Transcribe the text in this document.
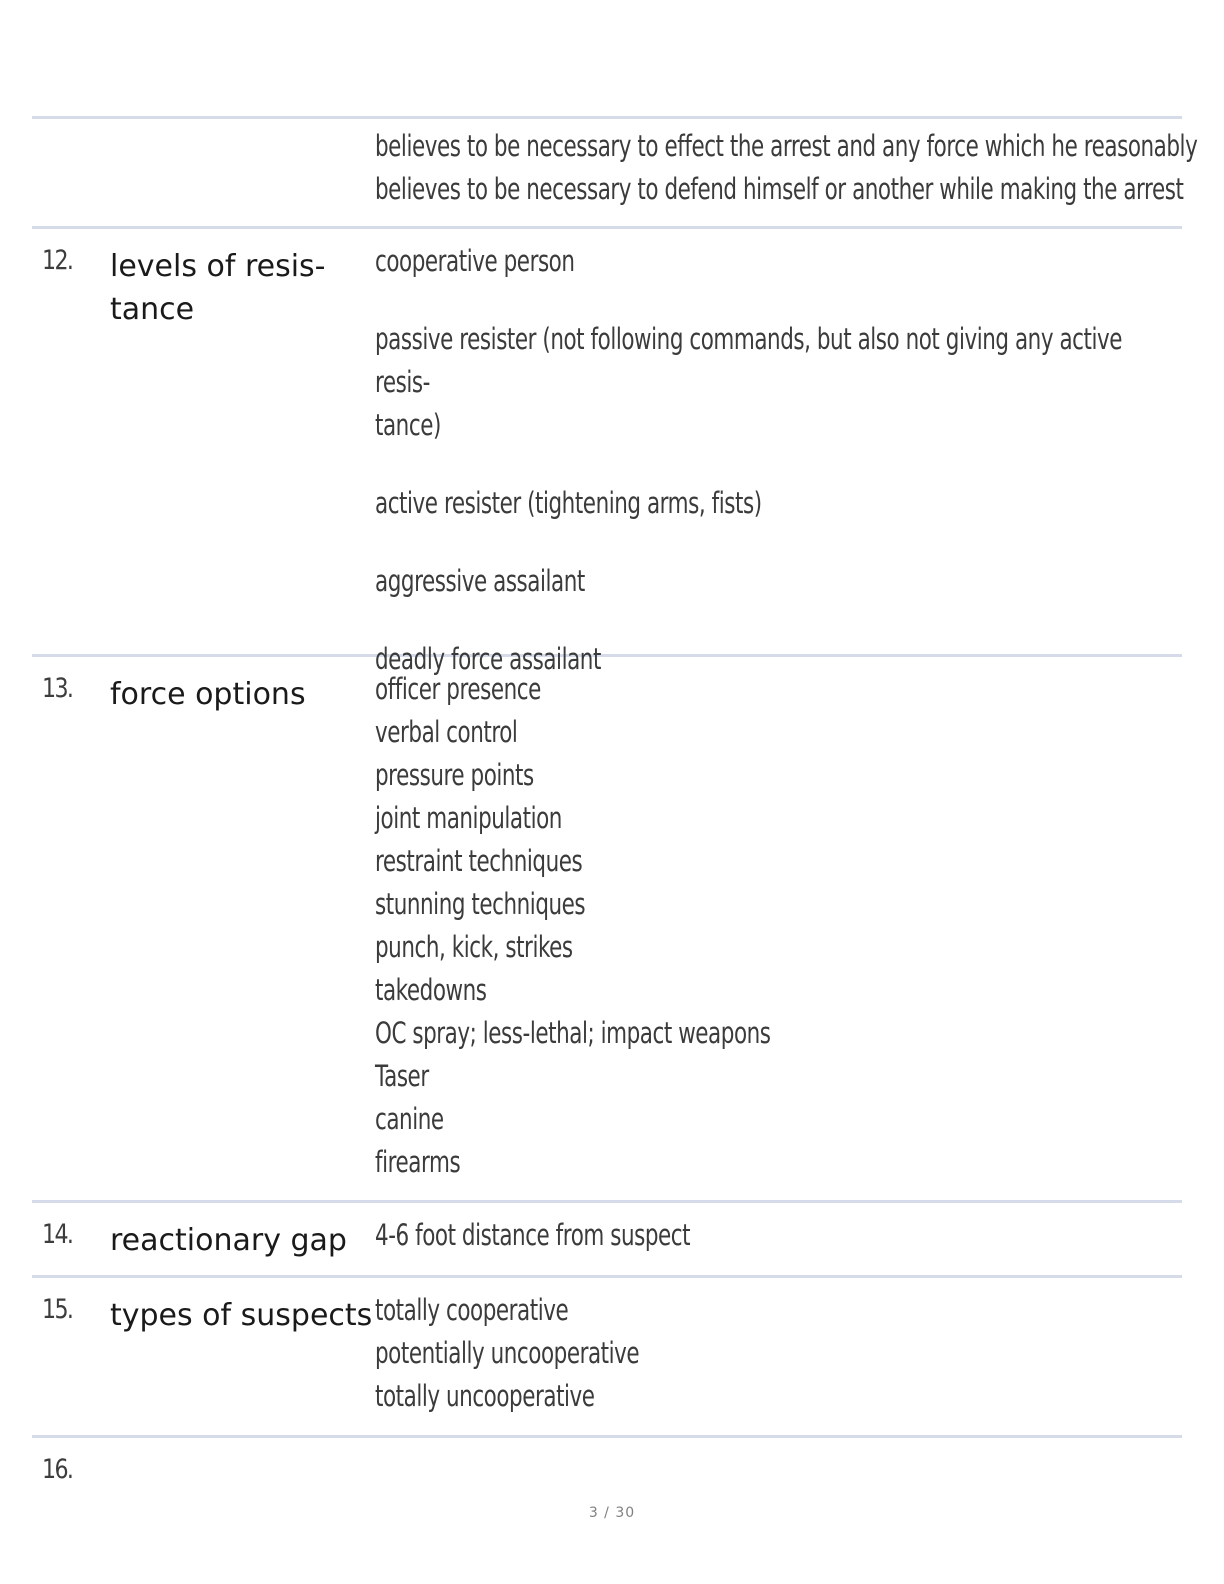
believes to be necessary to effect the arrest and any force which he reasonably
believes to be necessary to defend himself or another while making the arrest
12. levels of resis-
tance
cooperative person
passive resister (not following commands, but also not giving any active resis-
tance)
active resister (tightening arms, fists)
aggressive assailant
deadly force assailant
13. force options	officer presence
verbal control
pressure points
joint manipulation
restraint techniques
stunning techniques
punch, kick, strikes
takedowns
OC spray; less-lethal; impact weapons
Taser
canine
firearms
14. reactionary gap 4-6 foot distance from suspect
15. types of suspects totally cooperative
potentially uncooperative
totally uncooperative
16.
3 / 30
